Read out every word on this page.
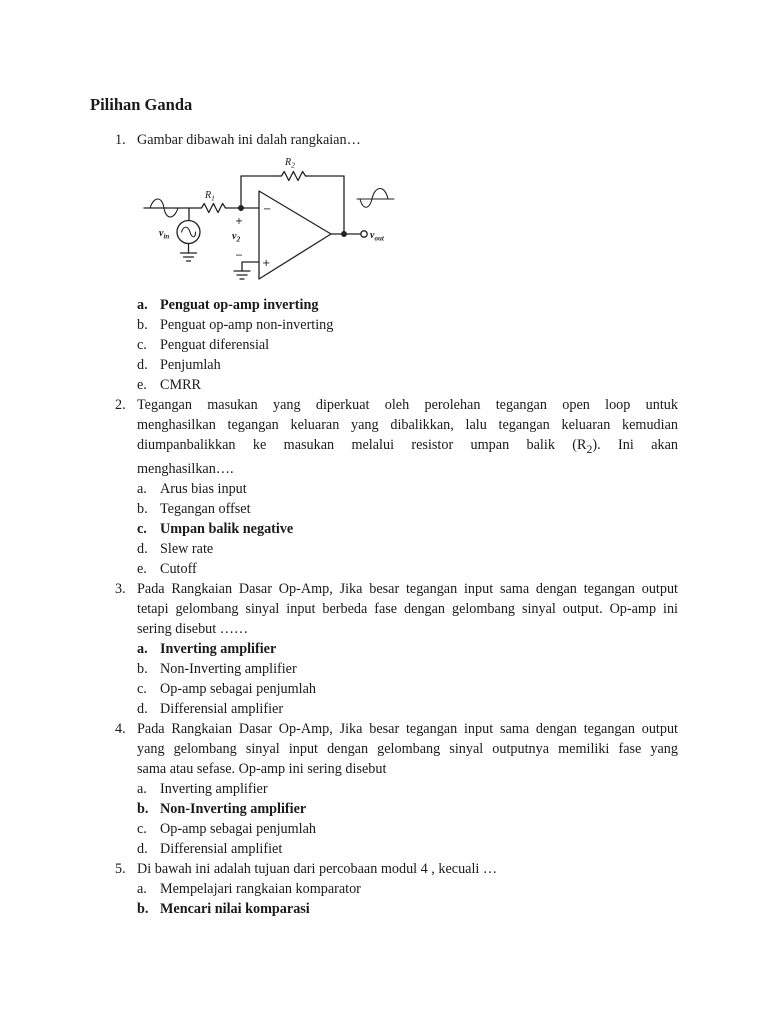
Pilihan Ganda
1. Gambar dibawah ini dalah rangkaian…
$R_1$
$R_2$
$v_{in}$	$v_2$	$v_{out}$
−
+
+
−
a. Penguat op-amp inverting
b. Penguat op-amp non-inverting
c. Penguat diferensial
d. Penjumlah
e. CMRR
2. Tegangan masukan yang diperkuat oleh perolehan tegangan open loop untuk
menghasilkan tegangan keluaran yang dibalikkan, lalu tegangan keluaran kemudian
diumpanbalikkan ke masukan melalui resistor umpan balik $(R_2)$. Ini akan
menghasilkan….
a. Arus bias input
b. Tegangan offset
c. Umpan balik negative
d. Slew rate
e. Cutoff
3. Pada Rangkaian Dasar Op-Amp, Jika besar tegangan input sama dengan tegangan output
tetapi gelombang sinyal input berbeda fase dengan gelombang sinyal output. Op-amp ini
sering disebut ……
a. Inverting amplifier
b. Non-Inverting amplifier
c. Op-amp sebagai penjumlah
d. Differensial amplifier
4. Pada Rangkaian Dasar Op-Amp, Jika besar tegangan input sama dengan tegangan output
yang gelombang sinyal input dengan gelombang sinyal outputnya memiliki fase yang
sama atau sefase. Op-amp ini sering disebut
a. Inverting amplifier
b. Non-Inverting amplifier
c. Op-amp sebagai penjumlah
d. Differensial amplifiet
5. Di bawah ini adalah tujuan dari percobaan modul 4 , kecuali …
a. Mempelajari rangkaian komparator
b. Mencari nilai komparasi
